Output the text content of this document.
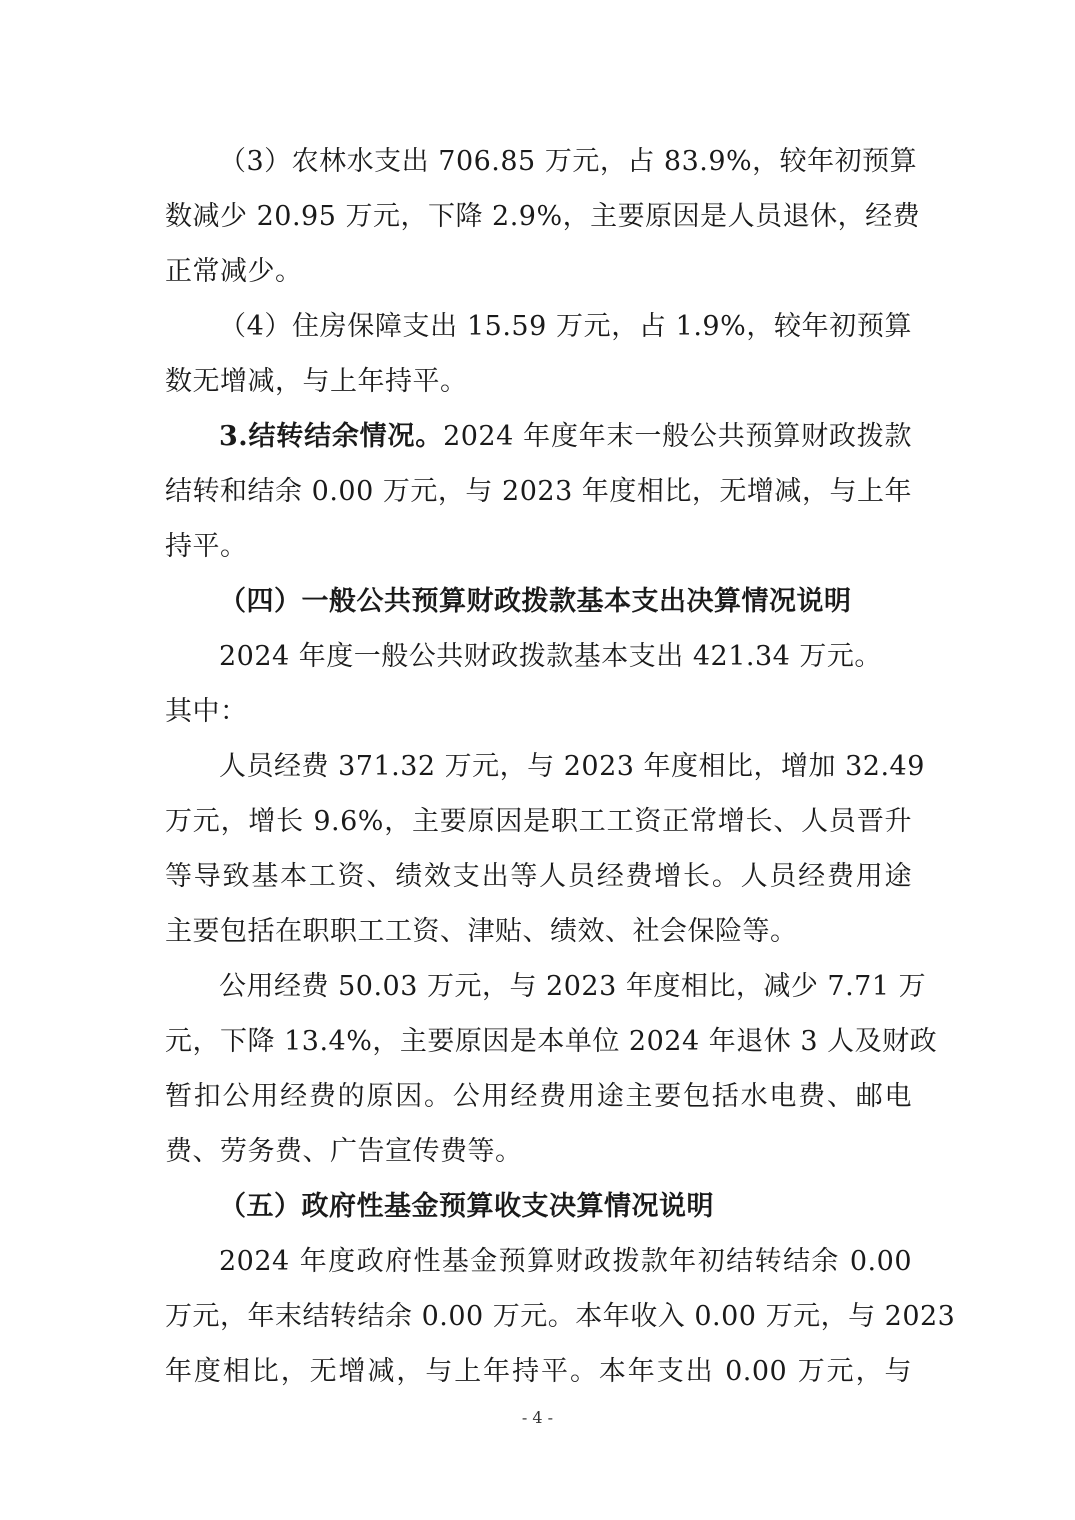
（3）农林水支出 706.85 万元，占 83.9%，较年初预算
数减少 20.95 万元，下降 2.9%，主要原因是人员退休，经费
正常减少。
（4）住房保障支出 15.59 万元，占 1.9%，较年初预算
数无增减，与上年持平。
3.结转结余情况。2024 年度年末一般公共预算财政拨款
结转和结余 0.00 万元，与 2023 年度相比，无增减，与上年
持平。
（四）一般公共预算财政拨款基本支出决算情况说明
2024 年度一般公共财政拨款基本支出 421.34 万元。
其中：
人员经费 371.32 万元，与 2023 年度相比，增加 32.49
万元，增长 9.6%，主要原因是职工工资正常增长、人员晋升
等导致基本工资、绩效支出等人员经费增长。人员经费用途
主要包括在职职工工资、津贴、绩效、社会保险等。
公用经费 50.03 万元，与 2023 年度相比，减少 7.71 万
元，下降 13.4%，主要原因是本单位 2024 年退休 3 人及财政
暂扣公用经费的原因。公用经费用途主要包括水电费、邮电
费、劳务费、广告宣传费等。
（五）政府性基金预算收支决算情况说明
2024 年度政府性基金预算财政拨款年初结转结余 0.00
万元，年末结转结余 0.00 万元。本年收入 0.00 万元，与 2023
年度相比，无增减，与上年持平。本年支出 0.00 万元，与
- 4 -
